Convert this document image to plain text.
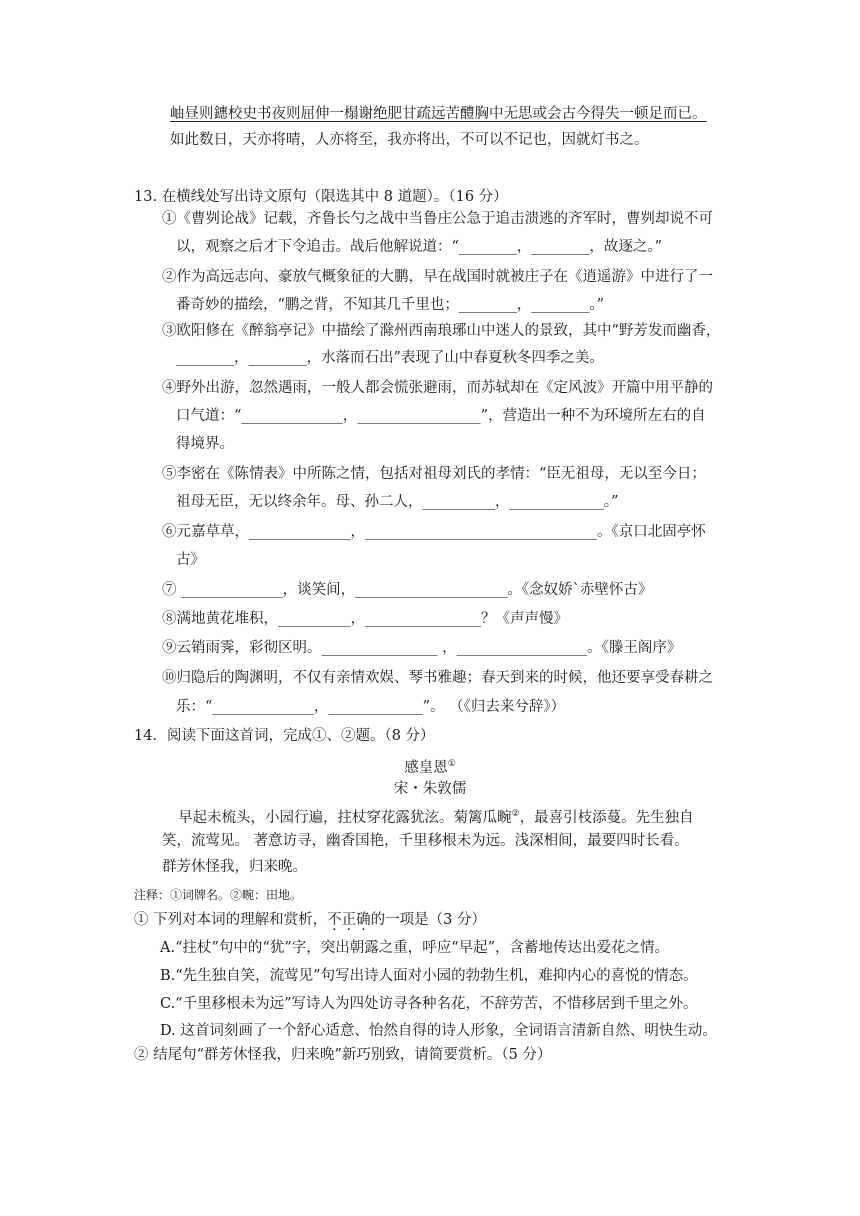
岫昼则鏸校史书夜则屈伸一榻谢绝肥甘疏远苦醴胸中无思或会古今得失一顿足而已。
如此数日，天亦将晴，人亦将至，我亦将出，不可以不记也，因就灯书之。
13. 在横线处写出诗文原句（限选其中 8 道题）。（16 分）
①《曹刿论战》记载，齐鲁长勺之战中当鲁庄公急于追击溃逃的齐军时，曹刿却说不可
以，观察之后才下令追击。战后他解说道：“________，________，故逐之。”
②作为高远志向、豪放气概象征的大鹏，早在战国时就被庄子在《逍遥游》中进行了一
番奇妙的描绘，“鹏之背，不知其几千里也；________，________。”
③欧阳修在《醉翁亭记》中描绘了滁州西南琅琊山中迷人的景致，其中“野芳发而幽香，
________，________，水落而石出”表现了山中春夏秋冬四季之美。
④野外出游，忽然遇雨，一般人都会慌张避雨，而苏轼却在《定风波》开篇中用平静的
口气道：“______________，_________________”，营造出一种不为环境所左右的自
得境界。
⑤李密在《陈情表》中所陈之情，包括对祖母刘氏的孝情：“臣无祖母，无以至今日；
祖母无臣，无以终余年。母、孙二人，__________，_____________。”
⑥元嘉草草，______________，________________________________。《京口北固亭怀
古》
⑦ ______________，谈笑间，_____________________。《念奴娇`赤壁怀古》
⑧满地黄花堆积，__________，________________？《声声慢》
⑨云销雨霁，彩彻区明。________________ ，__________________。《滕王阁序》
⑩归隐后的陶渊明，不仅有亲情欢娱、琴书雅趣；春天到来的时候，他还要享受春耕之
乐：“______________，_____________”。 （《归去来兮辞》）
14．阅读下面这首词，完成①、②题。（8 分）
感皇恩①
宋・朱敦儒
早起未梳头，小园行遍，拄杖穿花露犹泫。菊篱瓜畹②，最喜引枝添蔓。先生独自
笑，流莺见。 著意访寻，幽香国艳，千里移根未为远。浅深相间，最要四时长看。
群芳休怪我，归来晚。
注释：①词牌名。②畹：田地。
① 下列对本词的理解和赏析，不正确的一项是（3 分）
A.“拄杖”句中的“犹”字，突出朝露之重，呼应“早起”，含蓄地传达出爱花之情。
B.“先生独自笑，流莺见”句写出诗人面对小园的勃勃生机，难抑内心的喜悦的情态。
C.“千里移根未为远”写诗人为四处访寻各种名花，不辞劳苦，不惜移居到千里之外。
D. 这首词刻画了一个舒心适意、怡然自得的诗人形象，全词语言清新自然、明快生动。
② 结尾句“群芳休怪我，归来晚”新巧别致，请简要赏析。（5 分）
